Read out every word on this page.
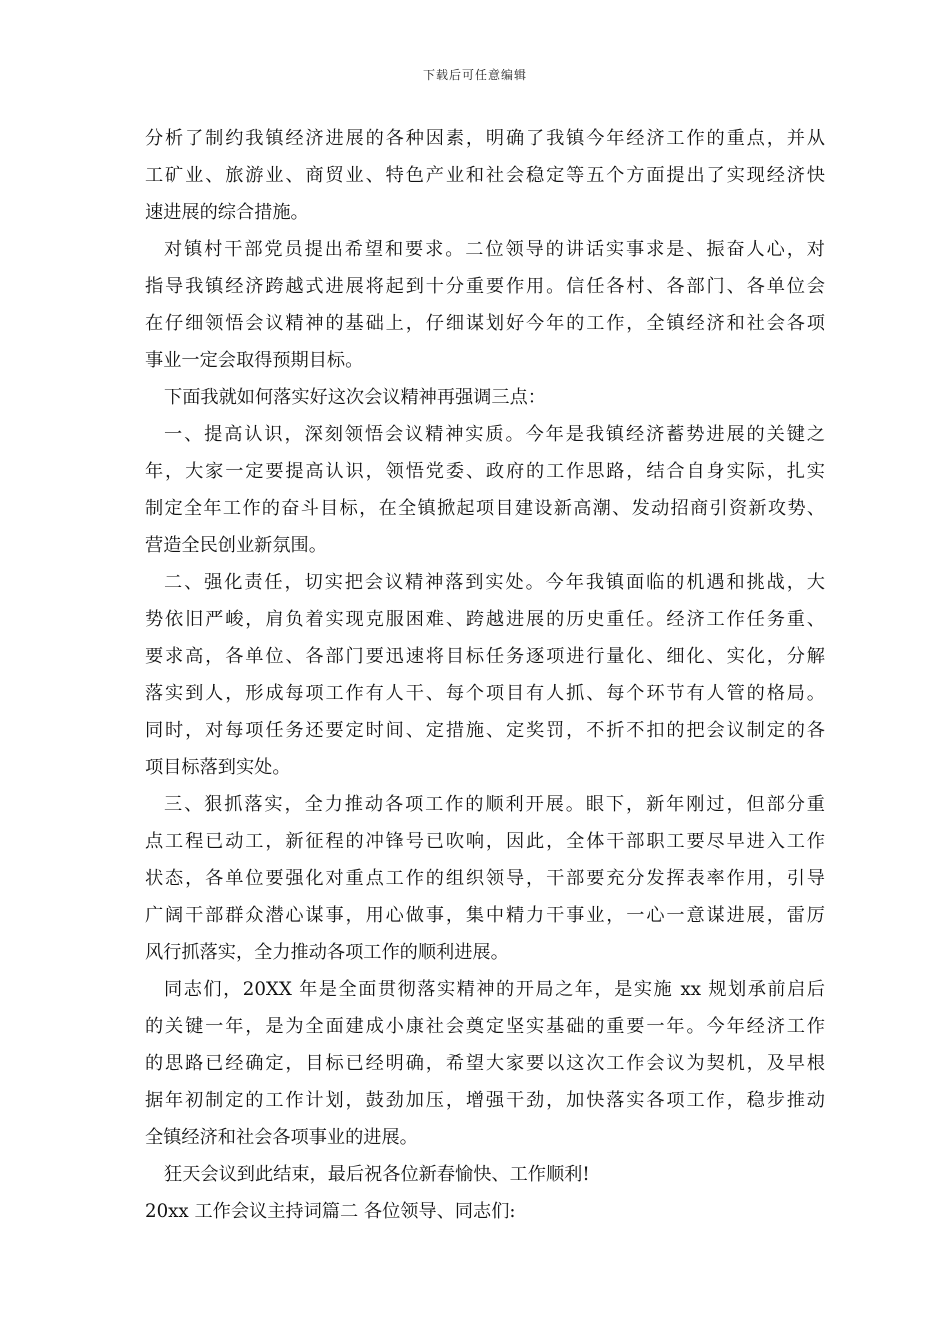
下载后可任意编辑
分析了制约我镇经济进展的各种因素，明确了我镇今年经济工作的重点，并从
工矿业、旅游业、商贸业、特色产业和社会稳定等五个方面提出了实现经济快
速进展的综合措施。
对镇村干部党员提出希望和要求。二位领导的讲话实事求是、振奋人心，对
指导我镇经济跨越式进展将起到十分重要作用。信任各村、各部门、各单位会
在仔细领悟会议精神的基础上，仔细谋划好今年的工作，全镇经济和社会各项
事业一定会取得预期目标。
下面我就如何落实好这次会议精神再强调三点：
一、提高认识，深刻领悟会议精神实质。今年是我镇经济蓄势进展的关键之
年，大家一定要提高认识，领悟党委、政府的工作思路，结合自身实际，扎实
制定全年工作的奋斗目标，在全镇掀起项目建设新高潮、发动招商引资新攻势、
营造全民创业新氛围。
二、强化责任，切实把会议精神落到实处。今年我镇面临的机遇和挑战，大
势依旧严峻，肩负着实现克服困难、跨越进展的历史重任。经济工作任务重、
要求高，各单位、各部门要迅速将目标任务逐项进行量化、细化、实化，分解
落实到人，形成每项工作有人干、每个项目有人抓、每个环节有人管的格局。
同时，对每项任务还要定时间、定措施、定奖罚，不折不扣的把会议制定的各
项目标落到实处。
三、狠抓落实，全力推动各项工作的顺利开展。眼下，新年刚过，但部分重
点工程已动工，新征程的冲锋号已吹响，因此，全体干部职工要尽早进入工作
状态，各单位要强化对重点工作的组织领导，干部要充分发挥表率作用，引导
广阔干部群众潜心谋事，用心做事，集中精力干事业，一心一意谋进展，雷厉
风行抓落实，全力推动各项工作的顺利进展。
同志们，20XX 年是全面贯彻落实精神的开局之年，是实施 xx 规划承前启后
的关键一年，是为全面建成小康社会奠定坚实基础的重要一年。今年经济工作
的思路已经确定，目标已经明确，希望大家要以这次工作会议为契机，及早根
据年初制定的工作计划，鼓劲加压，增强干劲，加快落实各项工作，稳步推动
全镇经济和社会各项事业的进展。
狂天会议到此结束，最后祝各位新春愉快、工作顺利!
20xx 工作会议主持词篇二 各位领导、同志们:
